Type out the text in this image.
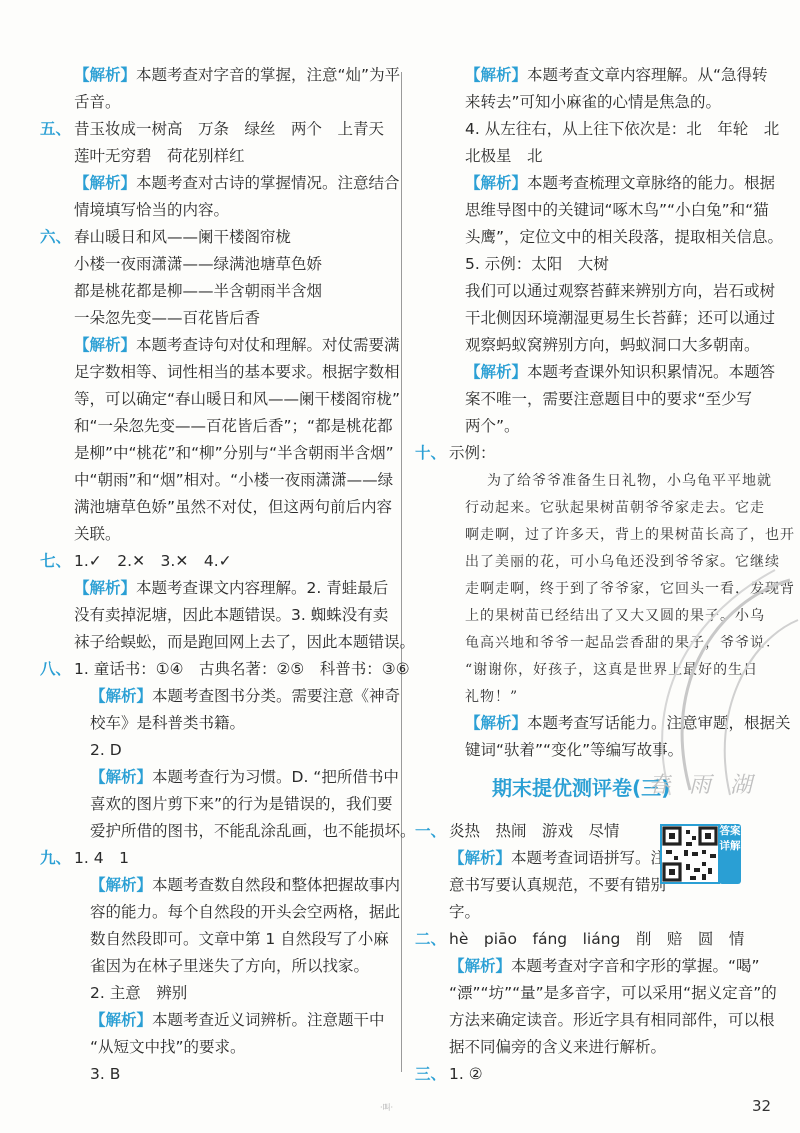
【解析】本题考查对字音的掌握，注意“灿”为平
舌音。
五、 昔玉妆成一树高　万条　绿丝　两个　上青天
莲叶无穷碧　荷花别样红
【解析】本题考查对古诗的掌握情况。注意结合
情境填写恰当的内容。
六、 春山暖日和风——阑干楼阁帘栊
小楼一夜雨潇潇——绿满池塘草色娇
都是桃花都是柳——半含朝雨半含烟
一朵忽先变——百花皆后香
【解析】本题考查诗句对仗和理解。对仗需要满
足字数相等、词性相当的基本要求。根据字数相
等，可以确定“春山暖日和风——阑干楼阁帘栊”
和“一朵忽先变——百花皆后香”；“都是桃花都
是柳”中“桃花”和“柳”分别与“半含朝雨半含烟”
中“朝雨”和“烟”相对。“小楼一夜雨潇潇——绿
满池塘草色娇”虽然不对仗，但这两句前后内容
关联。
七、 1.✓　2.✕　3.✕　4.✓
【解析】本题考查课文内容理解。2. 青蛙最后
没有卖掉泥塘，因此本题错误。3. 蜘蛛没有卖
袜子给蜈蚣，而是跑回网上去了，因此本题错误。
八、 1. 童话书：①④　古典名著：②⑤　科普书：③⑥
【解析】本题考查图书分类。需要注意《神奇
校车》是科普类书籍。
2. D
【解析】本题考查行为习惯。D. “把所借书中
喜欢的图片剪下来”的行为是错误的，我们要
爱护所借的图书，不能乱涂乱画，也不能损坏。
九、 1. 4　1
【解析】本题考查数自然段和整体把握故事内
容的能力。每个自然段的开头会空两格，据此
数自然段即可。文章中第 1 自然段写了小麻
雀因为在林子里迷失了方向，所以找家。
2. 主意　辨别
【解析】本题考查近义词辨析。注意题干中
“从短文中找”的要求。
3. B
【解析】本题考查文章内容理解。从“急得转
来转去”可知小麻雀的心情是焦急的。
4. 从左往右，从上往下依次是：北　年轮　北
北极星　北
【解析】本题考查梳理文章脉络的能力。根据
思维导图中的关键词“啄木鸟”“小白兔”和“猫
头鹰”，定位文中的相关段落，提取相关信息。
5. 示例：太阳　大树
我们可以通过观察苔藓来辨别方向，岩石或树
干北侧因环境潮湿更易生长苔藓；还可以通过
观察蚂蚁窝辨别方向，蚂蚁洞口大多朝南。
【解析】本题考查课外知识积累情况。本题答
案不唯一，需要注意题目中的要求“至少写
两个”。
十、 示例：
为了给爷爷准备生日礼物，小乌龟平平地就
行动起来。它驮起果树苗朝爷爷家走去。它走
啊走啊，过了许多天，背上的果树苗长高了，也开
出了美丽的花，可小乌龟还没到爷爷家。它继续
走啊走啊，终于到了爷爷家，它回头一看，发现背
上的果树苗已经结出了又大又圆的果子。小乌
龟高兴地和爷爷一起品尝香甜的果子，爷爷说：
“谢谢你，好孩子，这真是世界上最好的生日
礼物！”
【解析】本题考查写话能力。注意审题，根据关
键词“驮着”“变化”等编写故事。
一、 炎热　热闹　游戏　尽情
【解析】本题考查词语拼写。注
意书写要认真规范，不要有错别
字。
二、 hè　piāo　fáng　liáng　削　赔　圆　情
【解析】本题考查对字音和字形的掌握。“喝”
“漂”“坊”“量”是多音字，可以采用“据义定音”的
方法来确定读音。形近字具有相同部件，可以根
据不同偏旁的含义来进行解析。
三、 1. ②
期末提优测评卷(三)
春 雨 湖
答案详解
·叫·	32
